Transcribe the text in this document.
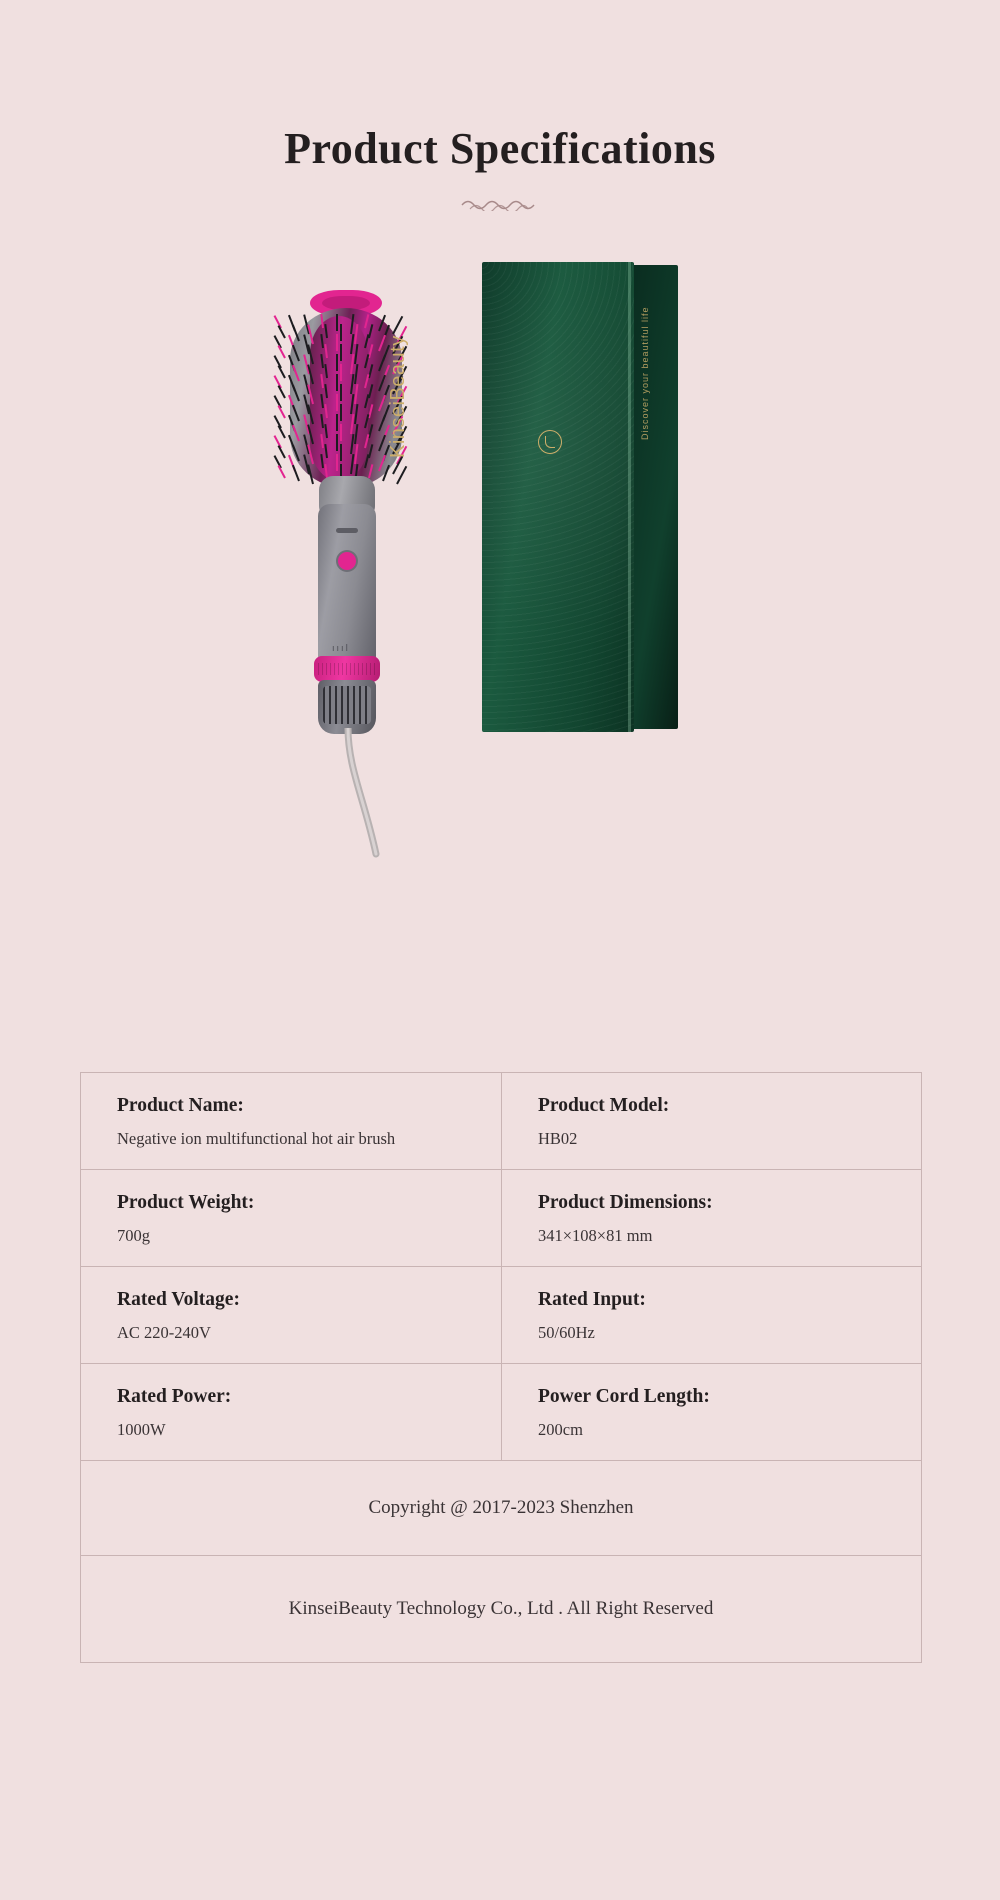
Product Specifications
ıııl
KinseiBeauty	Discover your beautiful life
Product Name:
Negative ion multifunctional hot air brush
Product Model:
HB02
Product Weight:
700g
Product Dimensions:
341×108×81 mm
Rated Voltage:
AC 220-240V
Rated Input:
50/60Hz
Rated Power:
1000W
Power Cord Length:
200cm
Copyright @ 2017-2023 Shenzhen
KinseiBeauty Technology Co., Ltd . All Right Reserved
